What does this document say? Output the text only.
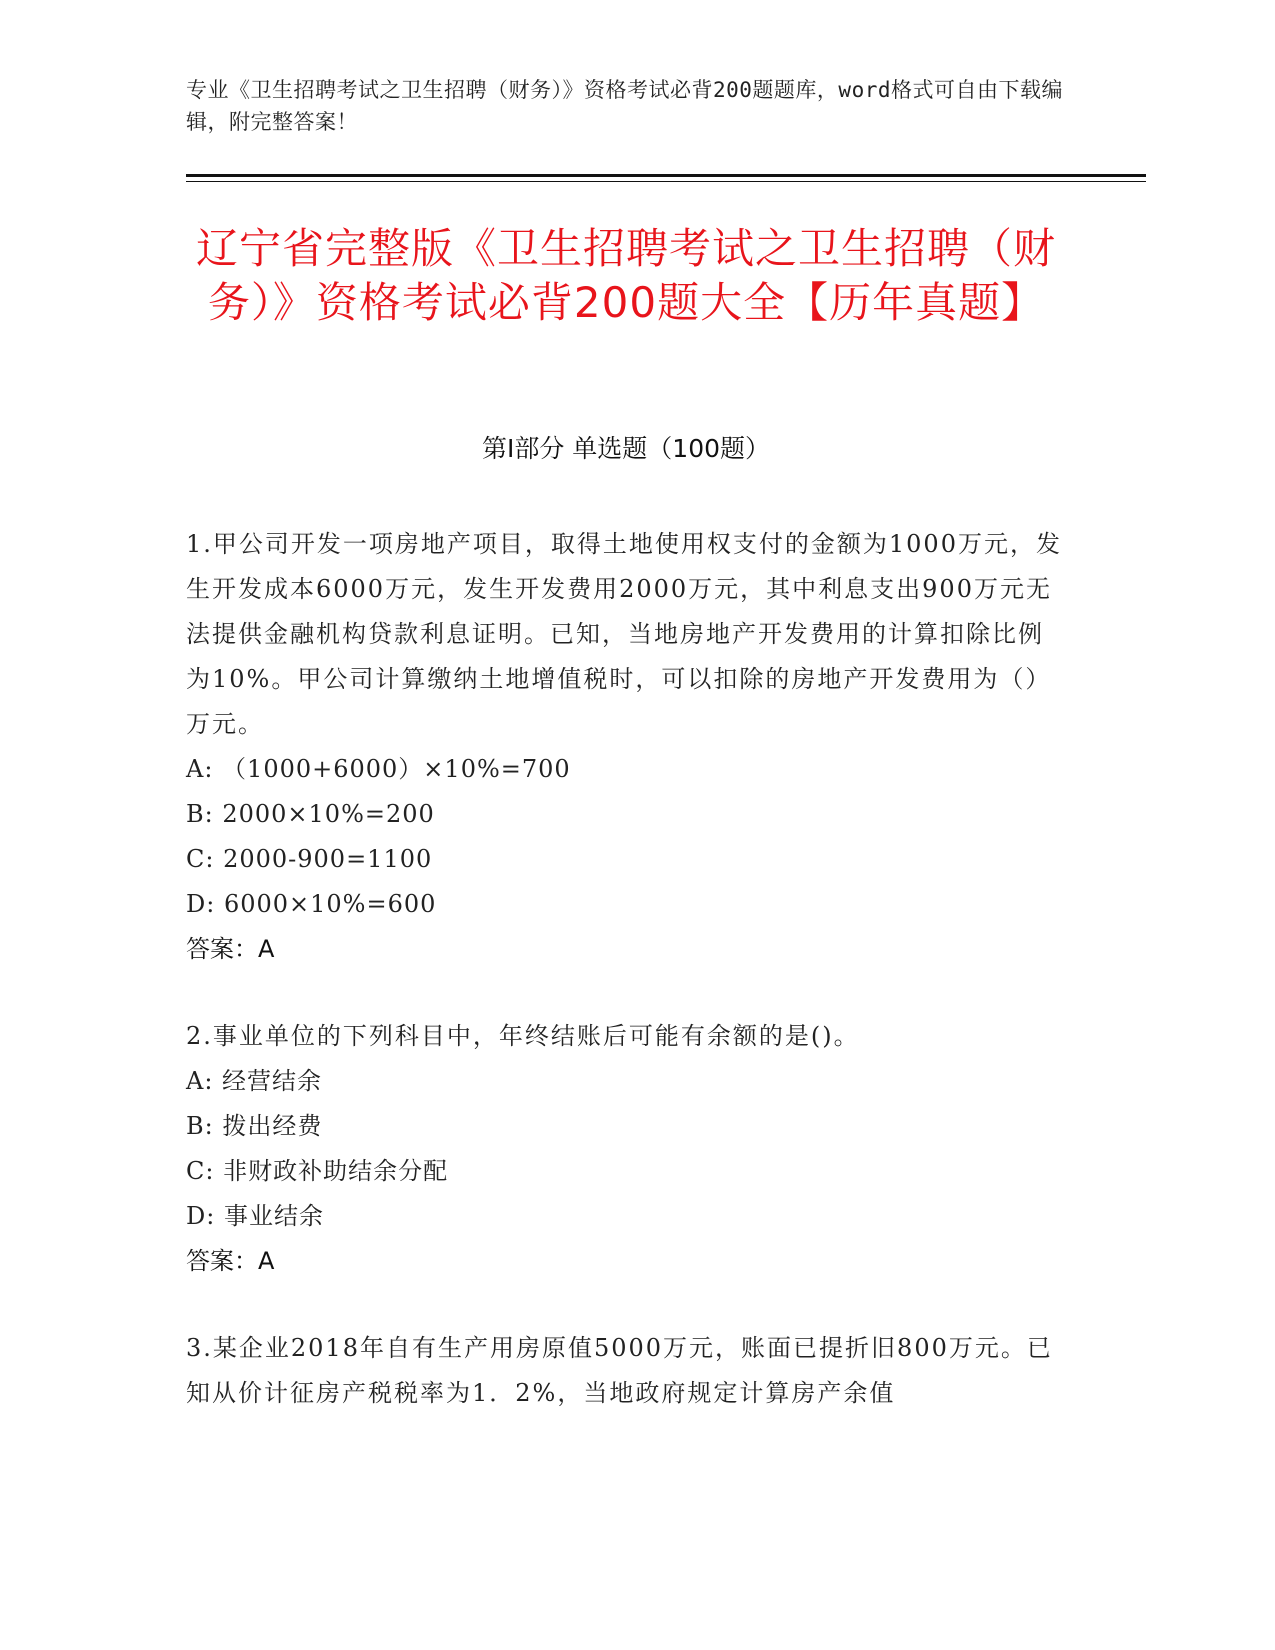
专业《卫生招聘考试之卫生招聘（财务）》资格考试必背200题题库，word格式可自由下载编辑，附完整答案！
辽宁省完整版《卫生招聘考试之卫生招聘（财务）》资格考试必背200题大全【历年真题】
第I部分 单选题（100题）
1.甲公司开发一项房地产项目，取得土地使用权支付的金额为1000万元，发生开发成本6000万元，发生开发费用2000万元，其中利息支出900万元无法提供金融机构贷款利息证明。已知，当地房地产开发费用的计算扣除比例为10%。甲公司计算缴纳土地增值税时，可以扣除的房地产开发费用为（）万元。
A: （1000+6000）×10%=700
B: 2000×10%=200
C: 2000-900=1100
D: 6000×10%=600
答案：A
2.事业单位的下列科目中，年终结账后可能有余额的是()。
A: 经营结余
B: 拨出经费
C: 非财政补助结余分配
D: 事业结余
答案：A
3.某企业2018年自有生产用房原值5000万元，账面已提折旧800万元。已知从价计征房产税税率为1．2%，当地政府规定计算房产余值
